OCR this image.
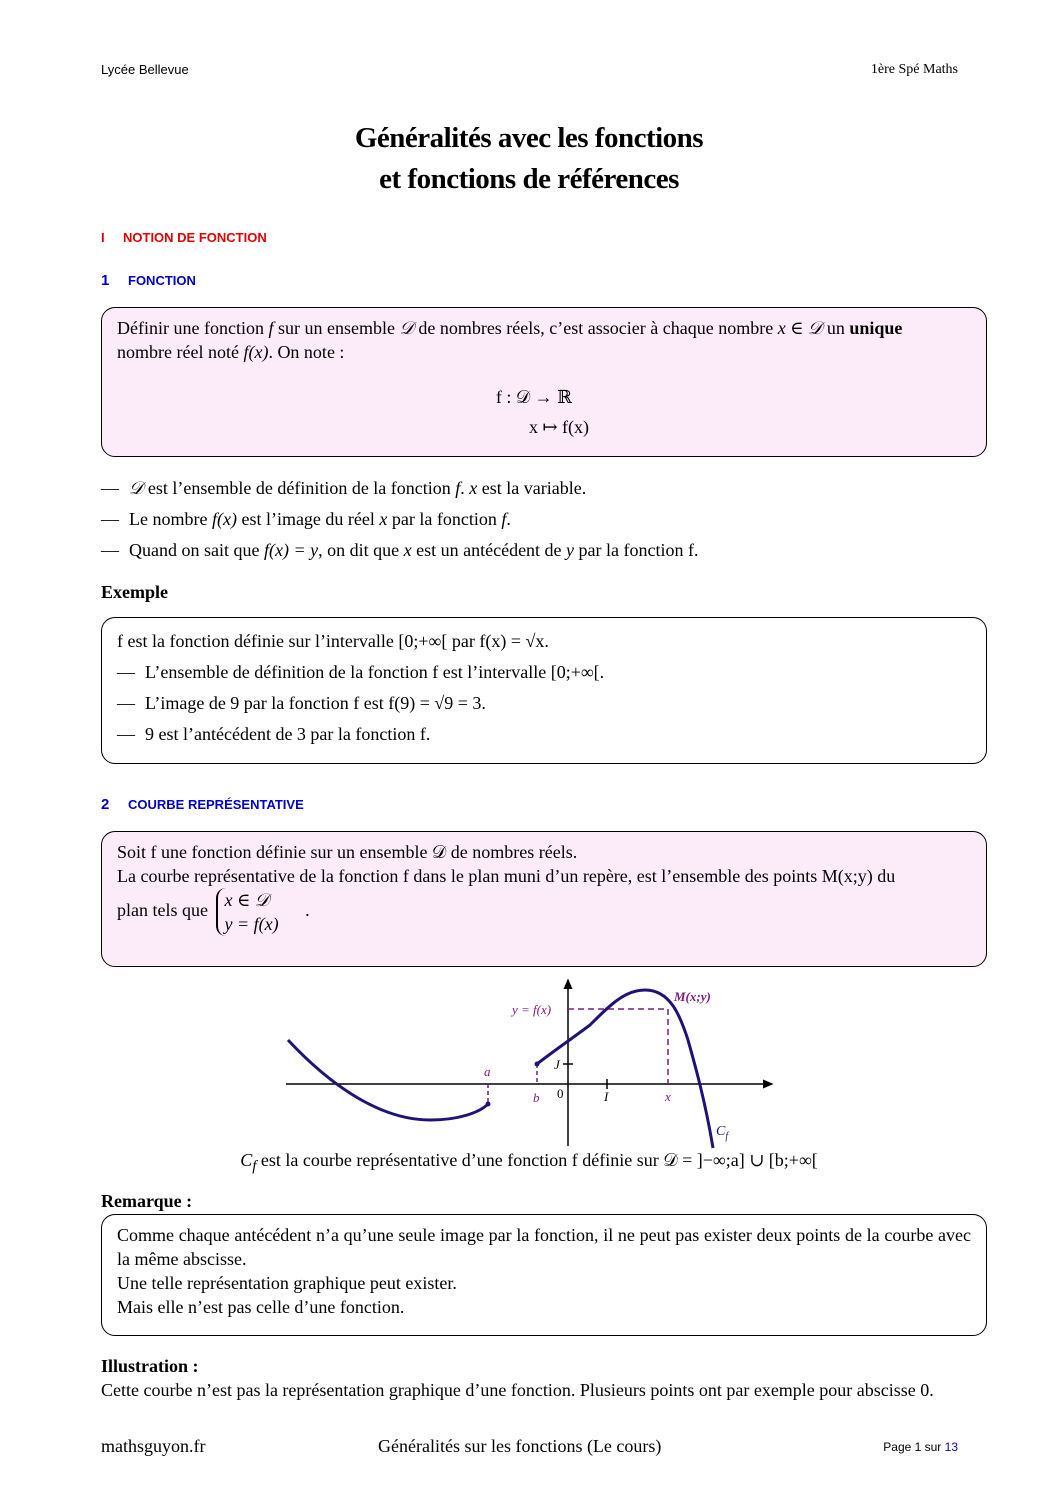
Lycée Bellevue	1ère Spé Maths
Généralités avec les fonctions
et fonctions de références
I NOTION DE FONCTION
1 FONCTION
Définir une fonction f sur un ensemble 𝒟 de nombres réels, c’est associer à chaque nombre x ∈ 𝒟 un unique
nombre réel noté f(x). On note :
f : 𝒟 → ℝ
x ↦ f(x)
— 𝒟 est l’ensemble de définition de la fonction f. x est la variable.
— Le nombre f(x) est l’image du réel x par la fonction f.
— Quand on sait que f(x) = y, on dit que x est un antécédent de y par la fonction f.
Exemple
f est la fonction définie sur l’intervalle [0;+∞[ par f(x) = √x.
— L’ensemble de définition de la fonction f est l’intervalle [0;+∞[.
— L’image de 9 par la fonction f est f(9) = √9 = 3.
— 9 est l’antécédent de 3 par la fonction f.
2 COURBE REPRÉSENTATIVE
Soit f une fonction définie sur un ensemble 𝒟 de nombres réels.
La courbe représentative de la fonction f dans le plan muni d’un repère, est l’ensemble des points M(x;y) du
plan tels que
x ∈ 𝒟
y = f(x)
.
a
b 0	I
J
x
y = f(x)
M(x;y)
$C_f$
$C_f$ est la courbe représentative d’une fonction f définie sur 𝒟 = ]−∞;a] ∪ [b;+∞[
Remarque :
Comme chaque antécédent n’a qu’une seule image par la fonction, il ne peut pas exister deux points de la courbe avec la même abscisse.
Une telle représentation graphique peut exister.
Mais elle n’est pas celle d’une fonction.
Illustration :
Cette courbe n’est pas la représentation graphique d’une fonction. Plusieurs points ont par exemple pour abscisse 0.
mathsguyon.fr	Généralités sur les fonctions (Le cours)	Page 1 sur 13
